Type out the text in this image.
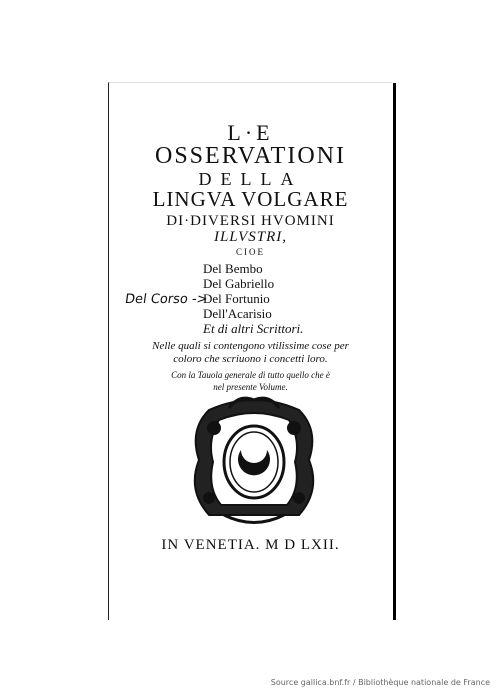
L·E
OSSERVATIONI
DELLA
LINGVA VOLGARE
DI·DIVERSI HVOMINI
ILLVSTRI,
CIOE
Del Bembo
Del Gabriello
Del Fortunio
Dell'Acarisio
Et di altri Scrittori.
Del Corso ->
Nelle quali si contengono vtilissime cose per
coloro che scriuono i concetti loro.
Con la Tauola generale di tutto quello che è
nel presente Volume.
IN VENETIA. M D LXII.
Source gallica.bnf.fr / Bibliothèque nationale de France
